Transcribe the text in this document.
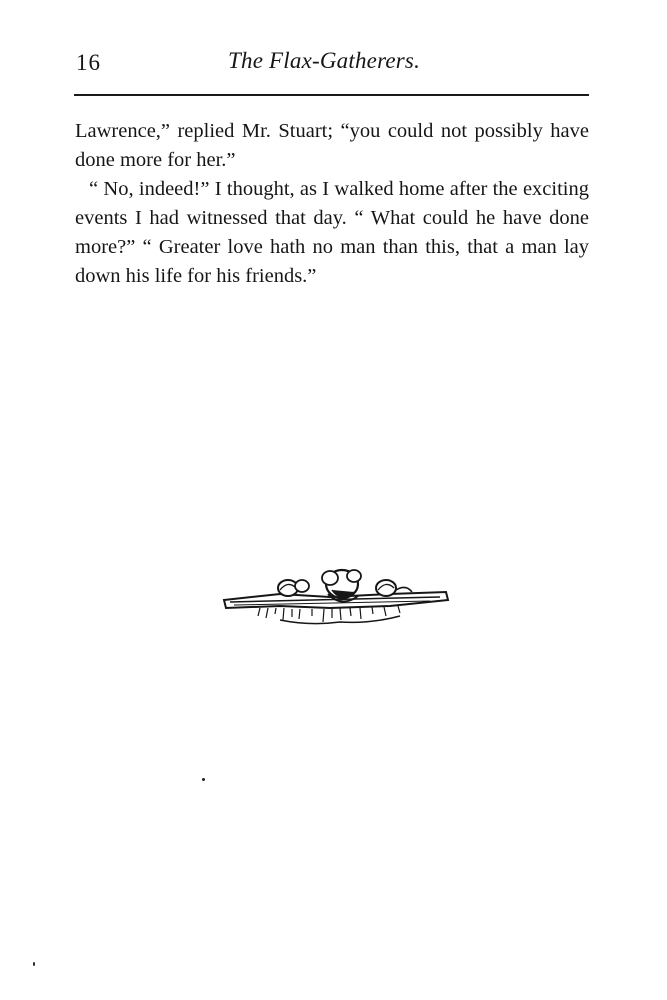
16	The Flax-Gatherers.

Lawrence,” replied Mr. Stuart; “you could not possibly have done more for her.”

“ No, indeed!” I thought, as I walked home after the exciting events I had witnessed that day. “ What could he have done more?” “ Greater love hath no man than this, that a man lay down his life for his friends.”
